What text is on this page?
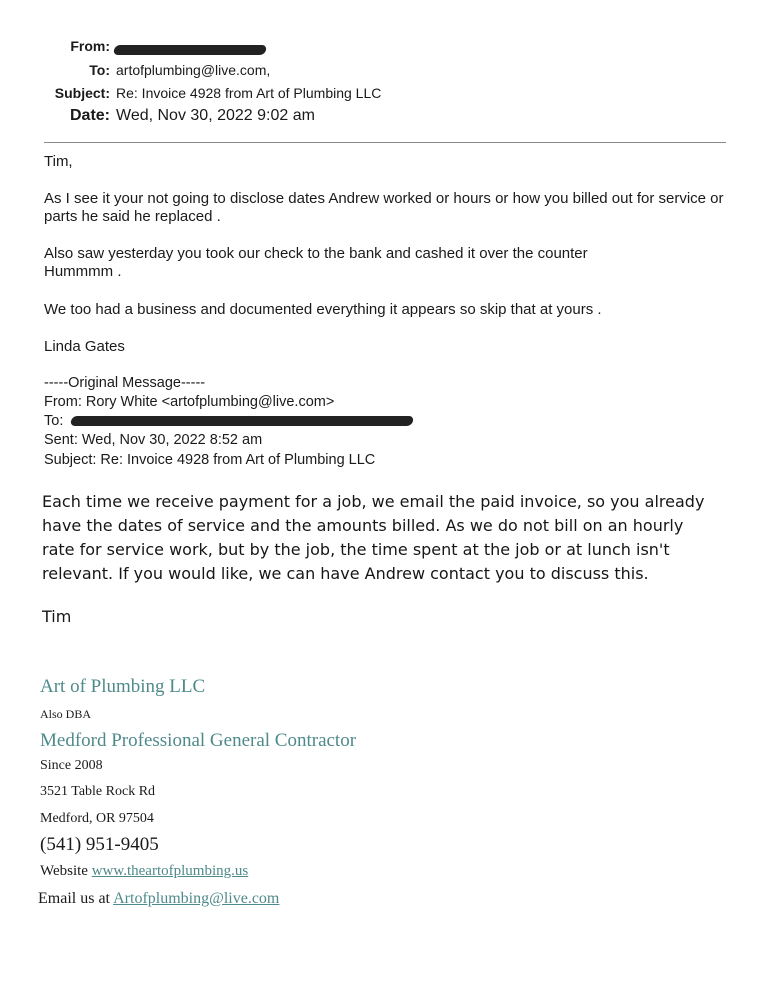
From:
To: artofplumbing@live.com,
Subject: Re: Invoice 4928 from Art of Plumbing LLC
Date: Wed, Nov 30, 2022 9:02 am
Tim,
As I see it your not going to disclose dates Andrew worked or hours or how you billed out for service or parts he said he replaced .
Also saw yesterday you took our check to the bank and cashed it over the counter
Hummmm .
We too had a business and documented everything it appears so skip that at yours .
Linda Gates
-----Original Message-----
From: Rory White <artofplumbing@live.com>
To:
Sent: Wed, Nov 30, 2022 8:52 am
Subject: Re: Invoice 4928 from Art of Plumbing LLC
Each time we receive payment for a job, we email the paid invoice, so you already
have the dates of service and the amounts billed. As we do not bill on an hourly
rate for service work, but by the job, the time spent at the job or at lunch isn't
relevant. If you would like, we can have Andrew contact you to discuss this.
Tim
Art of Plumbing LLC
Also DBA
Medford Professional General Contractor
Since 2008
3521 Table Rock Rd
Medford, OR 97504
(541) 951-9405
Website www.theartofplumbing.us
Email us at Artofplumbing@live.com
